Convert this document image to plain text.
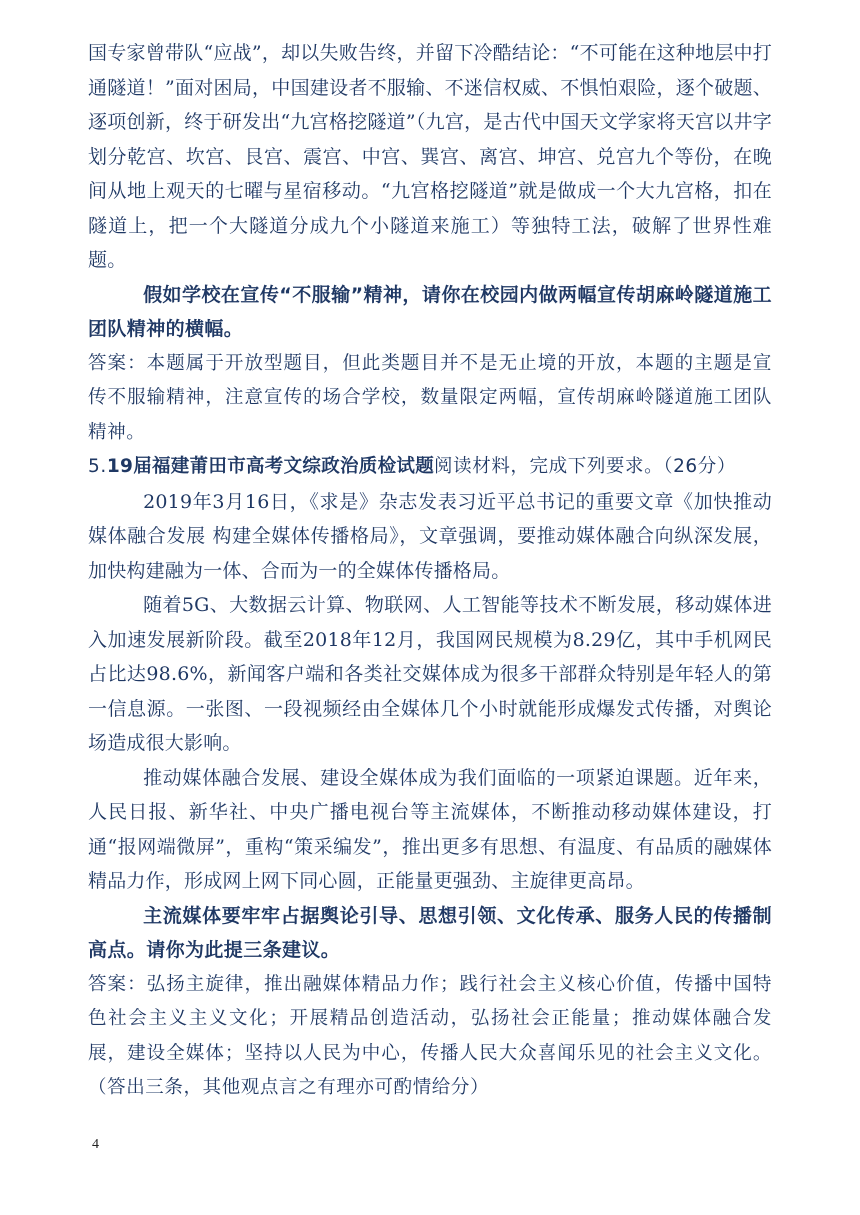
国专家曾带队“应战”，却以失败告终，并留下冷酷结论：“不可能在这种地层中打通隧道！”面对困局，中国建设者不服输、不迷信权威、不惧怕艰险，逐个破题、逐项创新，终于研发出“九宫格挖隧道”（九宫，是古代中国天文学家将天宫以井字划分乾宫、坎宫、艮宫、震宫、中宫、巽宫、离宫、坤宫、兑宫九个等份，在晚间从地上观天的七曜与星宿移动。“九宫格挖隧道”就是做成一个大九宫格，扣在隧道上，把一个大隧道分成九个小隧道来施工）等独特工法，破解了世界性难题。

假如学校在宣传“不服输”精神，请你在校园内做两幅宣传胡麻岭隧道施工团队精神的横幅。

答案：本题属于开放型题目，但此类题目并不是无止境的开放，本题的主题是宣传不服输精神，注意宣传的场合学校，数量限定两幅，宣传胡麻岭隧道施工团队精神。

5.19届福建莆田市高考文综政治质检试题阅读材料，完成下列要求。（26分）

2019年3月16日，《求是》杂志发表习近平总书记的重要文章《加快推动媒体融合发展 构建全媒体传播格局》，文章强调，要推动媒体融合向纵深发展，加快构建融为一体、合而为一的全媒体传播格局。

随着5G、大数据云计算、物联网、人工智能等技术不断发展，移动媒体进入加速发展新阶段。截至2018年12月，我国网民规模为8.29亿，其中手机网民占比达98.6%，新闻客户端和各类社交媒体成为很多干部群众特别是年轻人的第一信息源。一张图、一段视频经由全媒体几个小时就能形成爆发式传播，对舆论场造成很大影响。

推动媒体融合发展、建设全媒体成为我们面临的一项紧迫课题。近年来，人民日报、新华社、中央广播电视台等主流媒体，不断推动移动媒体建设，打通“报网端微屏”，重构“策采编发”，推出更多有思想、有温度、有品质的融媒体精品力作，形成网上网下同心圆，正能量更强劲、主旋律更高昂。

主流媒体要牢牢占据舆论引导、思想引领、文化传承、服务人民的传播制高点。请你为此提三条建议。

答案：弘扬主旋律，推出融媒体精品力作；践行社会主义核心价值，传播中国特色社会主义主义文化；开展精品创造活动，弘扬社会正能量；推动媒体融合发展，建设全媒体；坚持以人民为中心，传播人民大众喜闻乐见的社会主义文化。（答出三条，其他观点言之有理亦可酌情给分）

4
